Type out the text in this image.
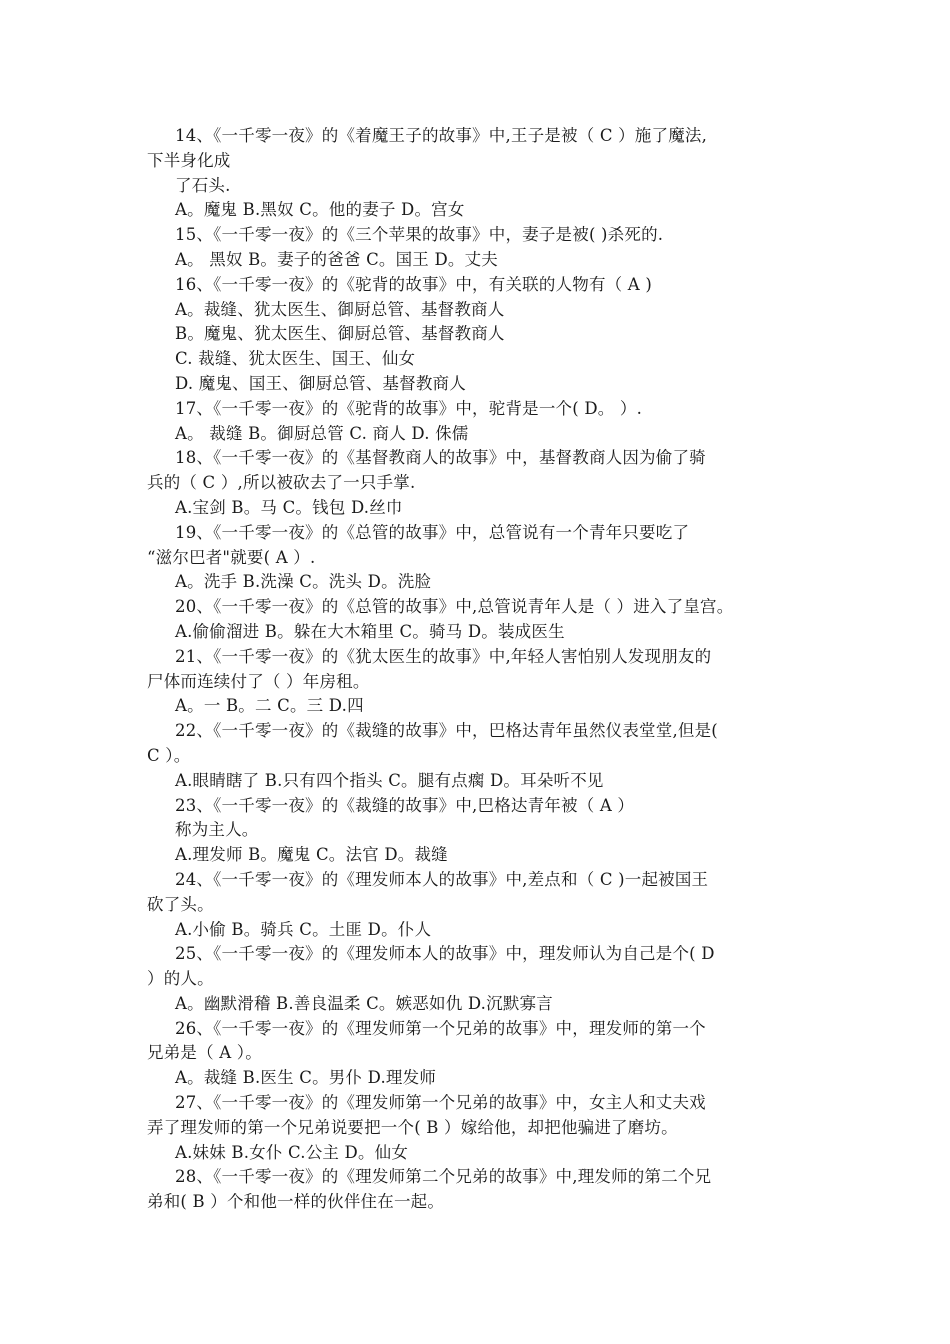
14、《一千零一夜》的《着魔王子的故事》中,王子是被（ C ）施了魔法,
下半身化成
了石头.
A。魔鬼 B.黑奴 C。他的妻子 D。宫女
15、《一千零一夜》的《三个苹果的故事》中，妻子是被( )杀死的.
A。 黑奴 B。妻子的爸爸 C。国王 D。丈夫
16、《一千零一夜》的《驼背的故事》中，有关联的人物有（ A )
A。裁缝、犹太医生、御厨总管、基督教商人
B。魔鬼、犹太医生、御厨总管、基督教商人
C. 裁缝、犹太医生、国王、仙女
D. 魔鬼、国王、御厨总管、基督教商人
17、《一千零一夜》的《驼背的故事》中，驼背是一个( D。 ）.
A。 裁缝 B。御厨总管 C. 商人 D. 侏儒
18、《一千零一夜》的《基督教商人的故事》中，基督教商人因为偷了骑
兵的（ C ）,所以被砍去了一只手掌.
A.宝剑 B。马 C。钱包 D.丝巾
19、《一千零一夜》的《总管的故事》中，总管说有一个青年只要吃了
“滋尔巴者"就要( A ）.
A。洗手 B.洗澡 C。洗头 D。洗脸
20、《一千零一夜》的《总管的故事》中,总管说青年人是（ ）进入了皇宫。
A.偷偷溜进 B。躲在大木箱里 C。骑马 D。装成医生
21、《一千零一夜》的《犹太医生的故事》中,年轻人害怕别人发现朋友的
尸体而连续付了（ ）年房租。
A。一 B。二 C。三 D.四
22、《一千零一夜》的《裁缝的故事》中，巴格达青年虽然仪表堂堂,但是(
C ）。
A.眼睛瞎了 B.只有四个指头 C。腿有点瘸 D。耳朵听不见
23、《一千零一夜》的《裁缝的故事》中,巴格达青年被（ A ）
称为主人。
A.理发师 B。魔鬼 C。法官 D。裁缝
24、《一千零一夜》的《理发师本人的故事》中,差点和（ C )一起被国王
砍了头。
A.小偷 B。骑兵 C。土匪 D。仆人
25、《一千零一夜》的《理发师本人的故事》中，理发师认为自己是个( D
）的人。
A。幽默滑稽 B.善良温柔 C。嫉恶如仇 D.沉默寡言
26、《一千零一夜》的《理发师第一个兄弟的故事》中，理发师的第一个
兄弟是（ A ）。
A。裁缝 B.医生 C。男仆 D.理发师
27、《一千零一夜》的《理发师第一个兄弟的故事》中，女主人和丈夫戏
弄了理发师的第一个兄弟说要把一个( B ）嫁给他，却把他骗进了磨坊。
A.妹妹 B.女仆 C.公主 D。仙女
28、《一千零一夜》的《理发师第二个兄弟的故事》中,理发师的第二个兄
弟和( B ）个和他一样的伙伴住在一起。
